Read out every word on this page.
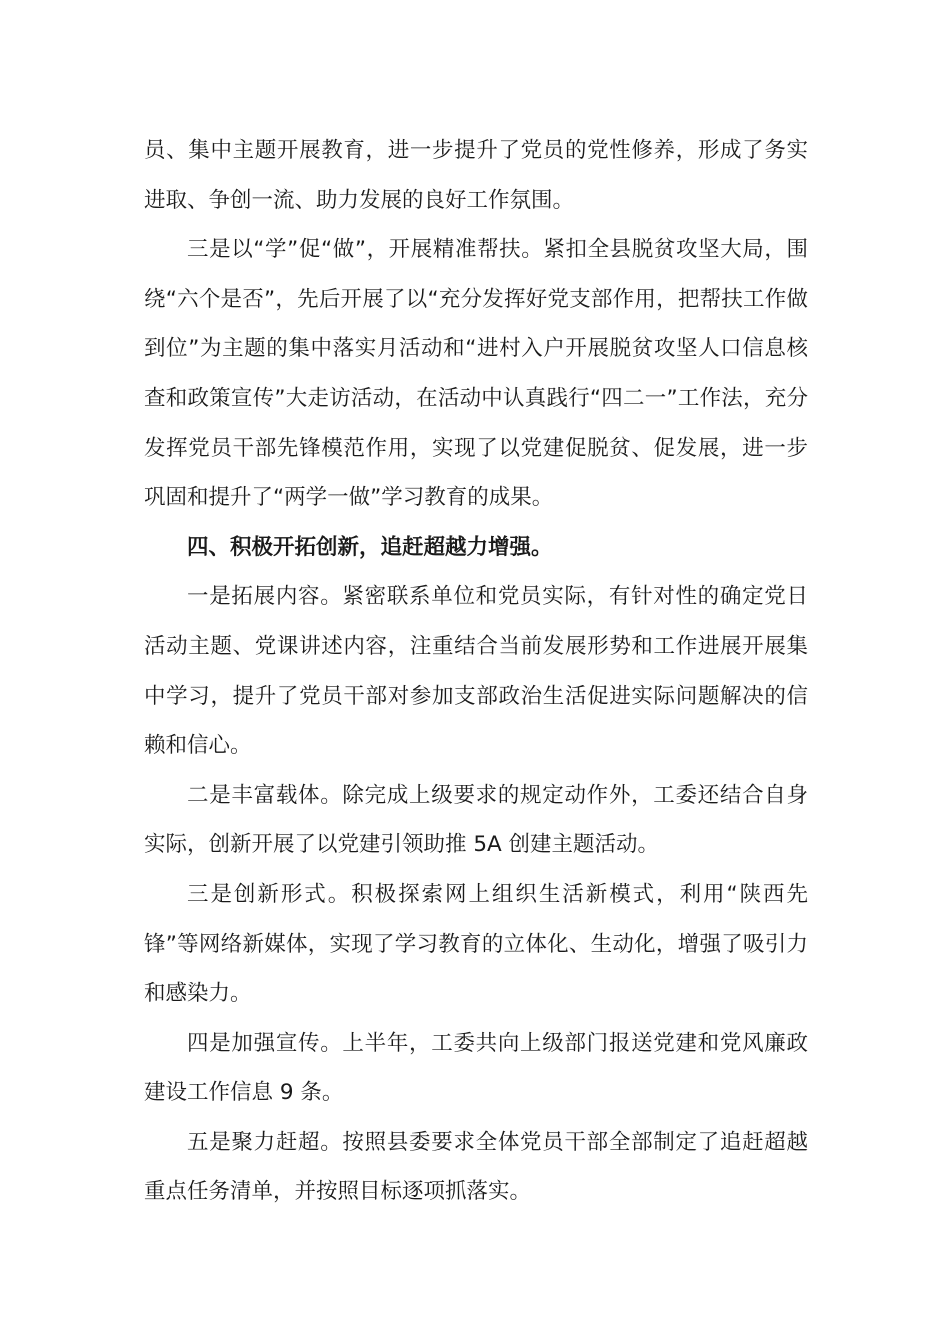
员、集中主题开展教育，进一步提升了党员的党性修养，形成了务实进取、争创一流、助力发展的良好工作氛围。

三是以“学”促“做”，开展精准帮扶。紧扣全县脱贫攻坚大局，围绕“六个是否”，先后开展了以“充分发挥好党支部作用，把帮扶工作做到位”为主题的集中落实月活动和“进村入户开展脱贫攻坚人口信息核查和政策宣传”大走访活动，在活动中认真践行“四二一”工作法，充分发挥党员干部先锋模范作用，实现了以党建促脱贫、促发展，进一步巩固和提升了“两学一做”学习教育的成果。

四、积极开拓创新，追赶超越力增强。

一是拓展内容。紧密联系单位和党员实际，有针对性的确定党日活动主题、党课讲述内容，注重结合当前发展形势和工作进展开展集中学习，提升了党员干部对参加支部政治生活促进实际问题解决的信赖和信心。

二是丰富载体。除完成上级要求的规定动作外，工委还结合自身实际，创新开展了以党建引领助推 5A 创建主题活动。

三是创新形式。积极探索网上组织生活新模式，利用“陕西先锋”等网络新媒体，实现了学习教育的立体化、生动化，增强了吸引力和感染力。

四是加强宣传。上半年，工委共向上级部门报送党建和党风廉政建设工作信息 9 条。

五是聚力赶超。按照县委要求全体党员干部全部制定了追赶超越重点任务清单，并按照目标逐项抓落实。
